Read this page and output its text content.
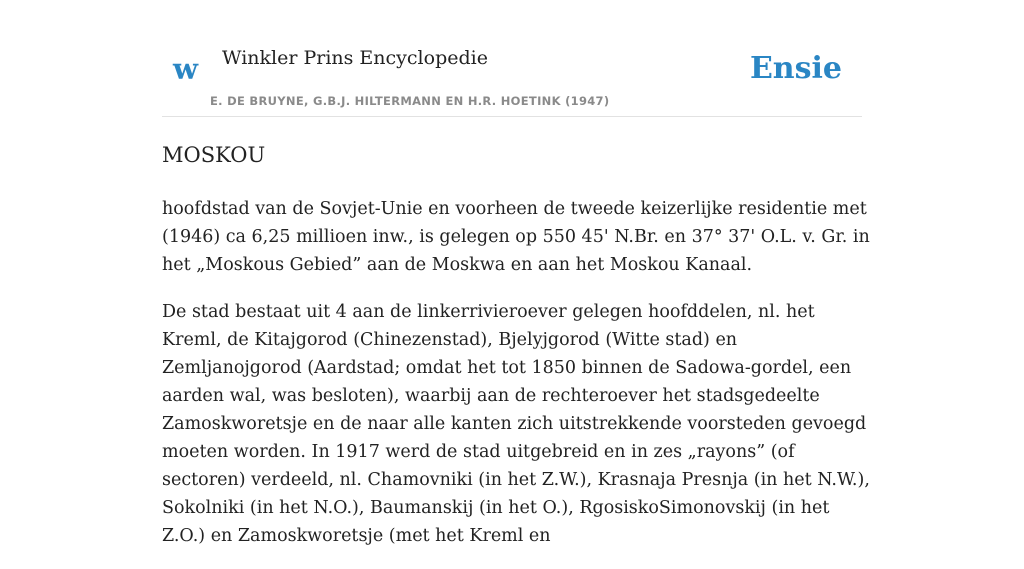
w Winkler Prins Encyclopedie
E. DE BRUYNE, G.B.J. HILTERMANN EN H.R. HOETINK (1947)
Ensie
MOSKOU

hoofdstad van de Sovjet-Unie en voorheen de tweede keizerlijke residentie met (1946) ca 6,25 millioen inw., is gelegen op 550 45' N.Br. en 37° 37' O.L. v. Gr. in het „Moskous Gebied” aan de Moskwa en aan het Moskou Kanaal.

De stad bestaat uit 4 aan de linkerrivieroever gelegen hoofddelen, nl. het Kreml, de Kitajgorod (Chinezenstad), Bjelyjgorod (Witte stad) en Zemljanojgorod (Aardstad; omdat het tot 1850 binnen de Sadowa-gordel, een aarden wal, was besloten), waarbij aan de rechteroever het stadsgedeelte Zamoskworetsje en de naar alle kanten zich uitstrekkende voorsteden gevoegd moeten worden. In 1917 werd de stad uitgebreid en in zes „rayons” (of sectoren) verdeeld, nl. Chamovniki (in het Z.W.), Krasnaja Presnja (in het N.W.), Sokolniki (in het N.O.), Baumanskij (in het O.), RgosiskoSimonovskij (in het Z.O.) en Zamoskworetsje (met het Kreml en
